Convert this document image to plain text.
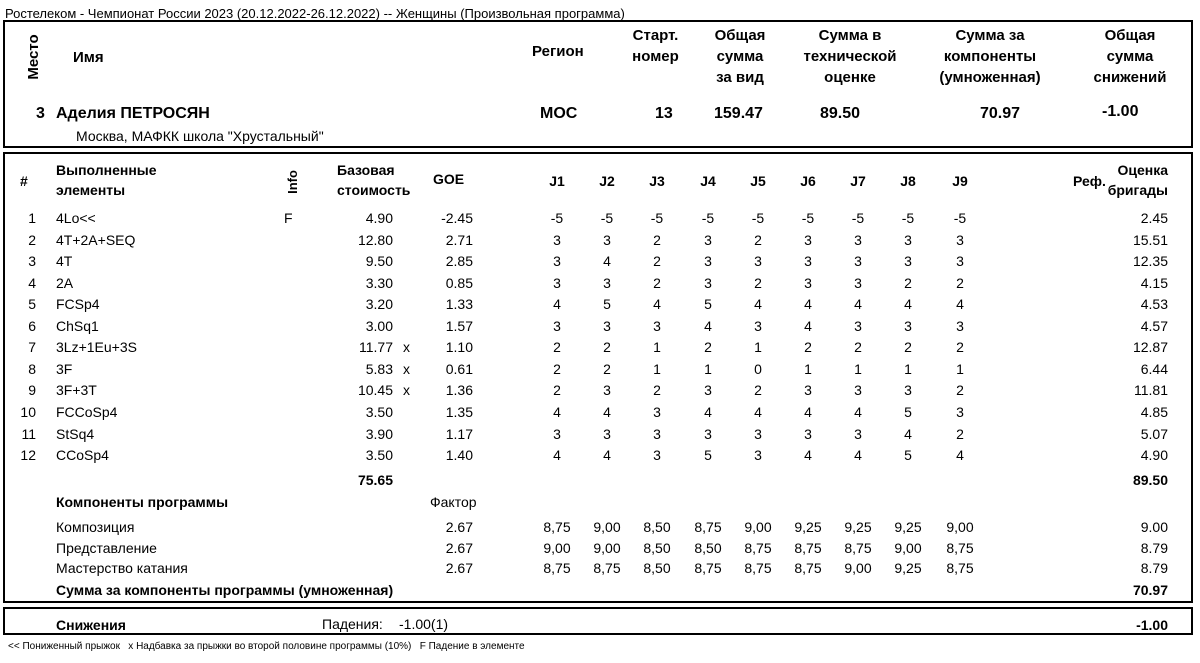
Ростелеком - Чемпионат России 2023 (20.12.2022-26.12.2022) -- Женщины (Произвольная программа)
Место Имя	Регион
Старт.
номер
Общая
сумма
за вид
Сумма в
технической
оценке
Сумма за
компоненты
(умноженная)
Общая
сумма
снижений
3 Аделия ПЕТРОСЯН
Москва, МАФКК школа "Хрустальный"
МОС	13	159.47	89.50	70.97	-1.00
#
Выполненные
элементы	Info
Базовая
стоимость
GOE	J1	J2	J3	J4	J5	J6	J7	J8	J9	Реф.
Оценка
бригады
1 4Lo<<	F	4.90	-2.45	-5	-5	-5	-5	-5	-5	-5	-5	-5	2.45
2 4T+2A+SEQ	12.80	2.71	3	3	2	3	2	3	3	3	3	15.51
3 4T	9.50	2.85	3	4	2	3	3	3	3	3	3	12.35
4 2A	3.30	0.85	3	3	2	3	2	3	3	2	2	4.15
5 FCSp4	3.20	1.33	4	5	4	5	4	4	4	4	4	4.53
6 ChSq1	3.00	1.57	3	3	3	4	3	4	3	3	3	4.57
7 3Lz+1Eu+3S	11.77 x	1.10	2	2	1	2	1	2	2	2	2	12.87
8 3F	5.83 x	0.61	2	2	1	1	0	1	1	1	1	6.44
9 3F+3T	10.45 x	1.36	2	3	2	3	2	3	3	3	2	11.81
10 FCCoSp4	3.50	1.35	4	4	3	4	4	4	4	5	3	4.85
11 StSq4	3.90	1.17	3	3	3	3	3	3	3	4	2	5.07
12 CCoSp4	3.50	1.40	4	4	3	5	3	4	4	5	4	4.90
75.65	89.50
Компоненты программы	Фактор
Композиция	2.67	8,75	9,00	8,50	8,75	9,00	9,25	9,25	9,25	9,00	9.00
Представление	2.67	9,00	9,00	8,50	8,50	8,75	8,75	8,75	9,00	8,75	8.79
Мастерство катания	2.67	8,75	8,75	8,50	8,75	8,75	8,75	9,00	9,25	8,75	8.79
Сумма за компоненты программы (умноженная)	70.97
Снижения	Падения: -1.00(1)	-1.00
<< Пониженный прыжок   x Надбавка за прыжки во второй половине программы (10%)   F Падение в элементе
